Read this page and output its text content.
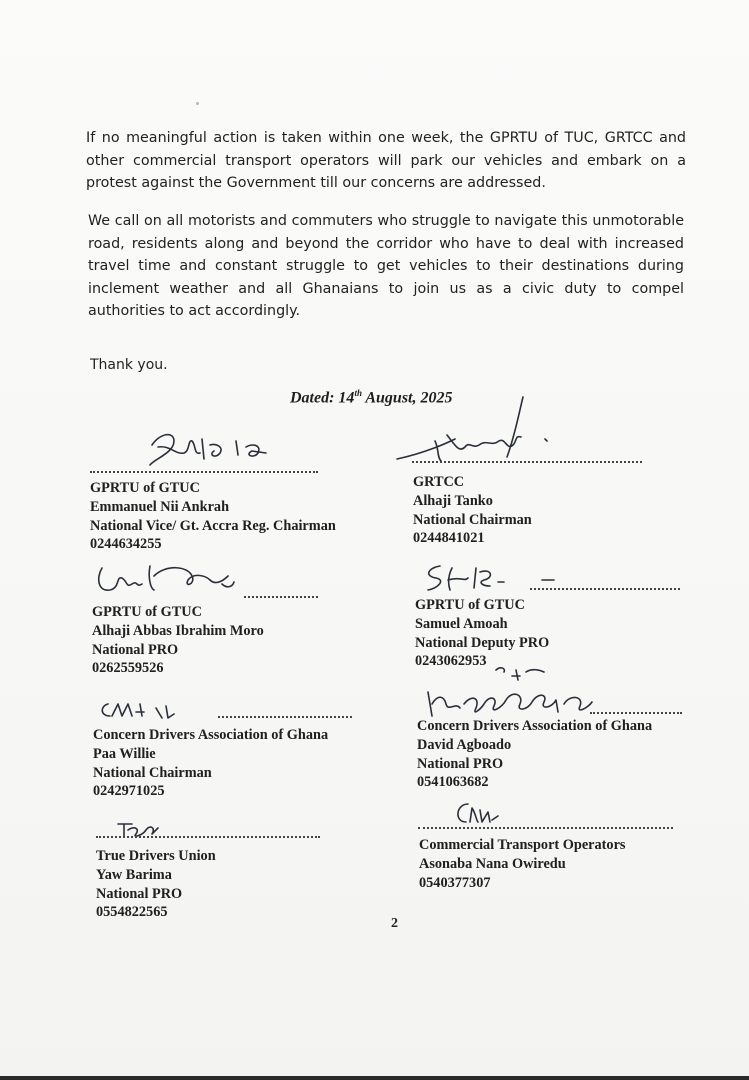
If no meaningful action is taken within one week, the GPRTU of TUC, GRTCC and other commercial transport operators will park our vehicles and embark on a protest against the Government till our concerns are addressed.

We call on all motorists and commuters who struggle to navigate this unmotorable road, residents along and beyond the corridor who have to deal with increased travel time and constant struggle to get vehicles to their destinations during inclement weather and all Ghanaians to join us as a civic duty to compel authorities to act accordingly.

Thank you.
Dated: 14th August, 2025
GPRTU of GTUC
Emmanuel Nii Ankrah
National Vice/ Gt. Accra Reg. Chairman
0244634255
GRTCC
Alhaji Tanko
National Chairman
0244841021
GPRTU of GTUC
Alhaji Abbas Ibrahim Moro
National PRO
0262559526
GPRTU of GTUC
Samuel Amoah
National Deputy PRO
0243062953
Concern Drivers Association of Ghana
Paa Willie
National Chairman
0242971025
Concern Drivers Association of Ghana
David Agboado
National PRO
0541063682
True Drivers Union
Yaw Barima
National PRO
0554822565
Commercial Transport Operators
Asonaba Nana Owiredu
0540377307
2
